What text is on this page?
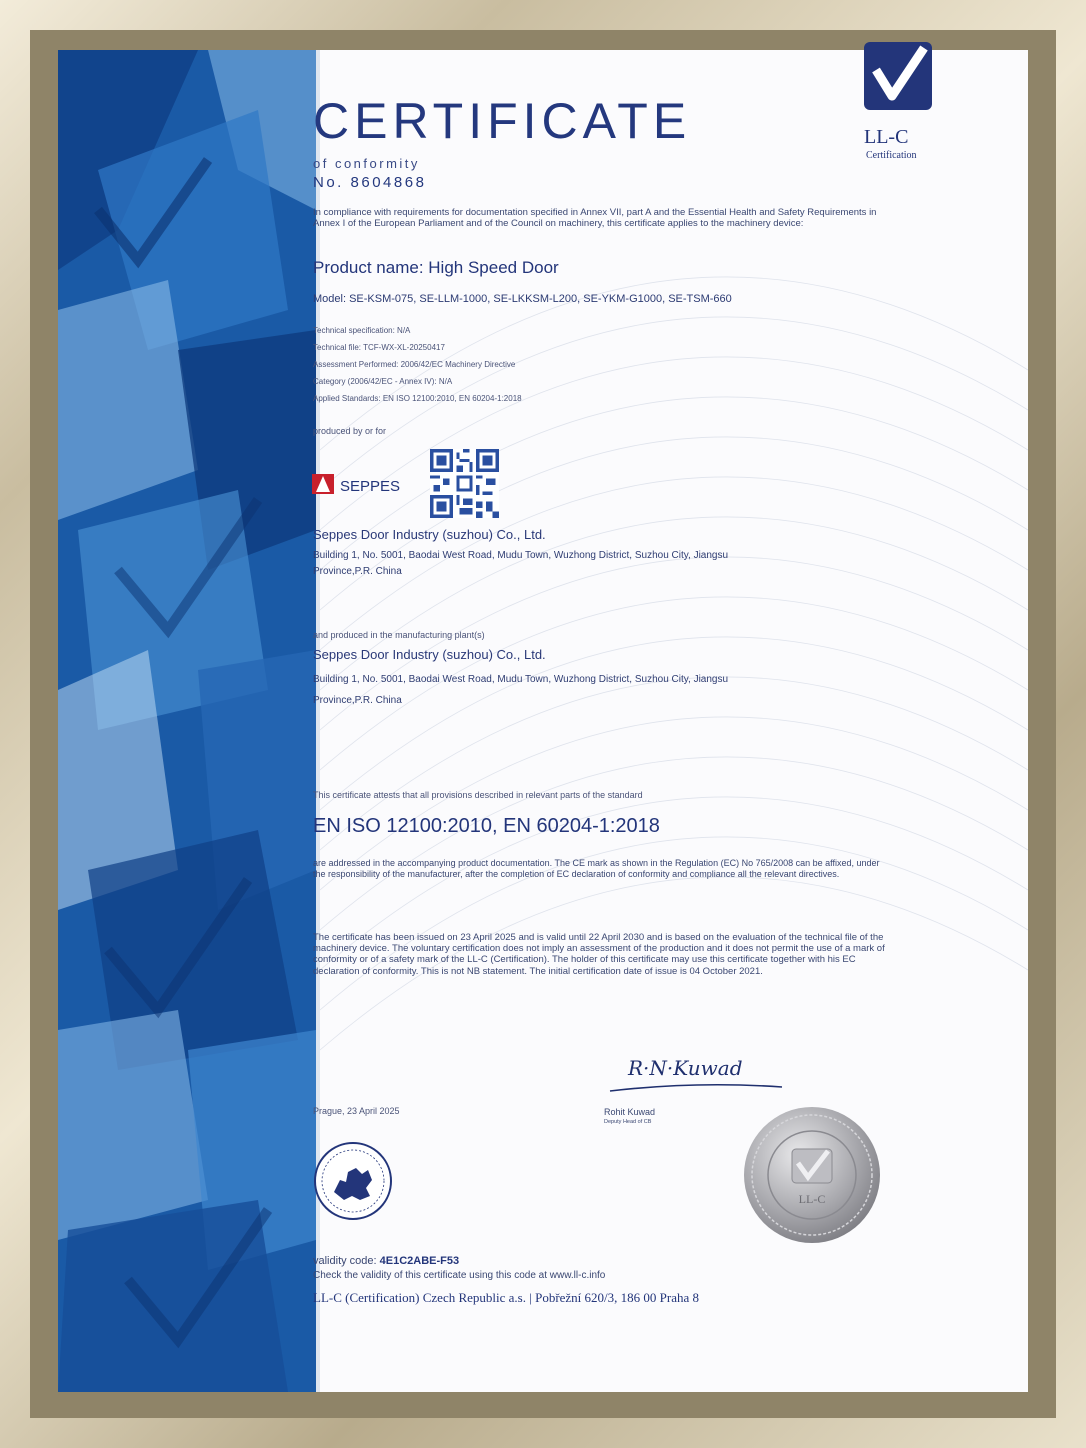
LL-C
Certification
CERTIFICATE
of conformity
No. 8604868
In compliance with requirements for documentation specified in Annex VII, part A and the Essential Health and Safety Requirements in Annex I of the European Parliament and of the Council on machinery, this certificate applies to the machinery device:
Product name: High Speed Door
Model: SE-KSM-075, SE-LLM-1000, SE-LKKSM-L200, SE-YKM-G1000, SE-TSM-660
Technical specification: N/A
Technical file: TCF-WX-XL-20250417
Assessment Performed: 2006/42/EC Machinery Directive
Category (2006/42/EC - Annex IV): N/A
Applied Standards: EN ISO 12100:2010, EN 60204-1:2018
produced by or for
SEPPES
Seppes Door Industry (suzhou) Co., Ltd.
Building 1, No. 5001, Baodai West Road, Mudu Town, Wuzhong District, Suzhou City, Jiangsu
Province,P.R. China
and produced in the manufacturing plant(s)
Seppes Door Industry (suzhou) Co., Ltd.
Building 1, No. 5001, Baodai West Road, Mudu Town, Wuzhong District, Suzhou City, Jiangsu
Province,P.R. China
This certificate attests that all provisions described in relevant parts of the standard
EN ISO 12100:2010, EN 60204-1:2018
are addressed in the accompanying product documentation. The CE mark as shown in the Regulation (EC) No 765/2008 can be affixed, under the responsibility of the manufacturer, after the completion of EC declaration of conformity and compliance all the relevant directives.
The certificate has been issued on 23 April 2025 and is valid until 22 April 2030 and is based on the evaluation of the technical file of the machinery device. The voluntary certification does not imply an assessment of the production and it does not permit the use of a mark of conformity or of a safety mark of the LL-C (Certification). The holder of this certificate may use this certificate together with his EC declaration of conformity. This is not NB statement. The initial certification date of issue is 04 October 2021.
R·N·Kuwad
Prague, 23 April 2025	Rohit Kuwad
Deputy Head of CB
LL-C
validity code: 4E1C2ABE-F53
Check the validity of this certificate using this code at www.ll-c.info
LL-C (Certification) Czech Republic a.s. | Pobřežní 620/3, 186 00 Praha 8
